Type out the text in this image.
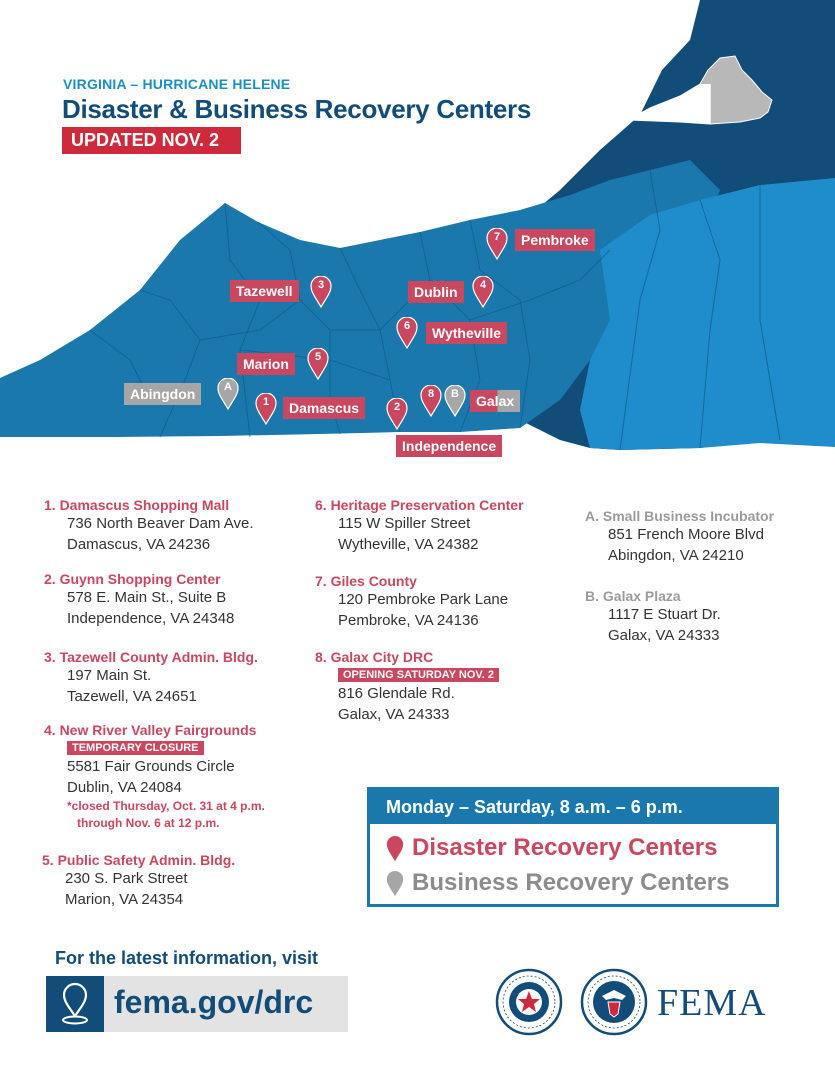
VIRGINIA – HURRICANE HELENE
Disaster & Business Recovery Centers
UPDATED NOV. 2
Pembroke
Tazewell	Dublin
Wytheville
Marion
Abingdon
Damascus	Galax
Independence
7
3	4
6
5
A
1	2
8	B
1. Damascus Shopping Mall
736 North Beaver Dam Ave.
Damascus, VA 24236
2. Guynn Shopping Center
578 E. Main St., Suite B
Independence, VA 24348
3. Tazewell County Admin. Bldg.
197 Main St.
Tazewell, VA 24651
4. New River Valley Fairgrounds
TEMPORARY CLOSURE
5581 Fair Grounds Circle
Dublin, VA 24084
*closed Thursday, Oct. 31 at 4 p.m.
through Nov. 6 at 12 p.m.
5. Public Safety Admin. Bldg.
230 S. Park Street
Marion, VA 24354
6. Heritage Preservation Center
115 W Spiller Street
Wytheville, VA 24382
7. Giles County
120 Pembroke Park Lane
Pembroke, VA 24136
8. Galax City DRC
OPENING SATURDAY NOV. 2
816 Glendale Rd.
Galax, VA 24333
A. Small Business Incubator
851 French Moore Blvd
Abingdon, VA 24210
B. Galax Plaza
1117 E Stuart Dr.
Galax, VA 24333
Monday – Saturday, 8 a.m. – 6 p.m.
Disaster Recovery Centers
Business Recovery Centers
For the latest information, visit
fema.gov/drc	FEMA
